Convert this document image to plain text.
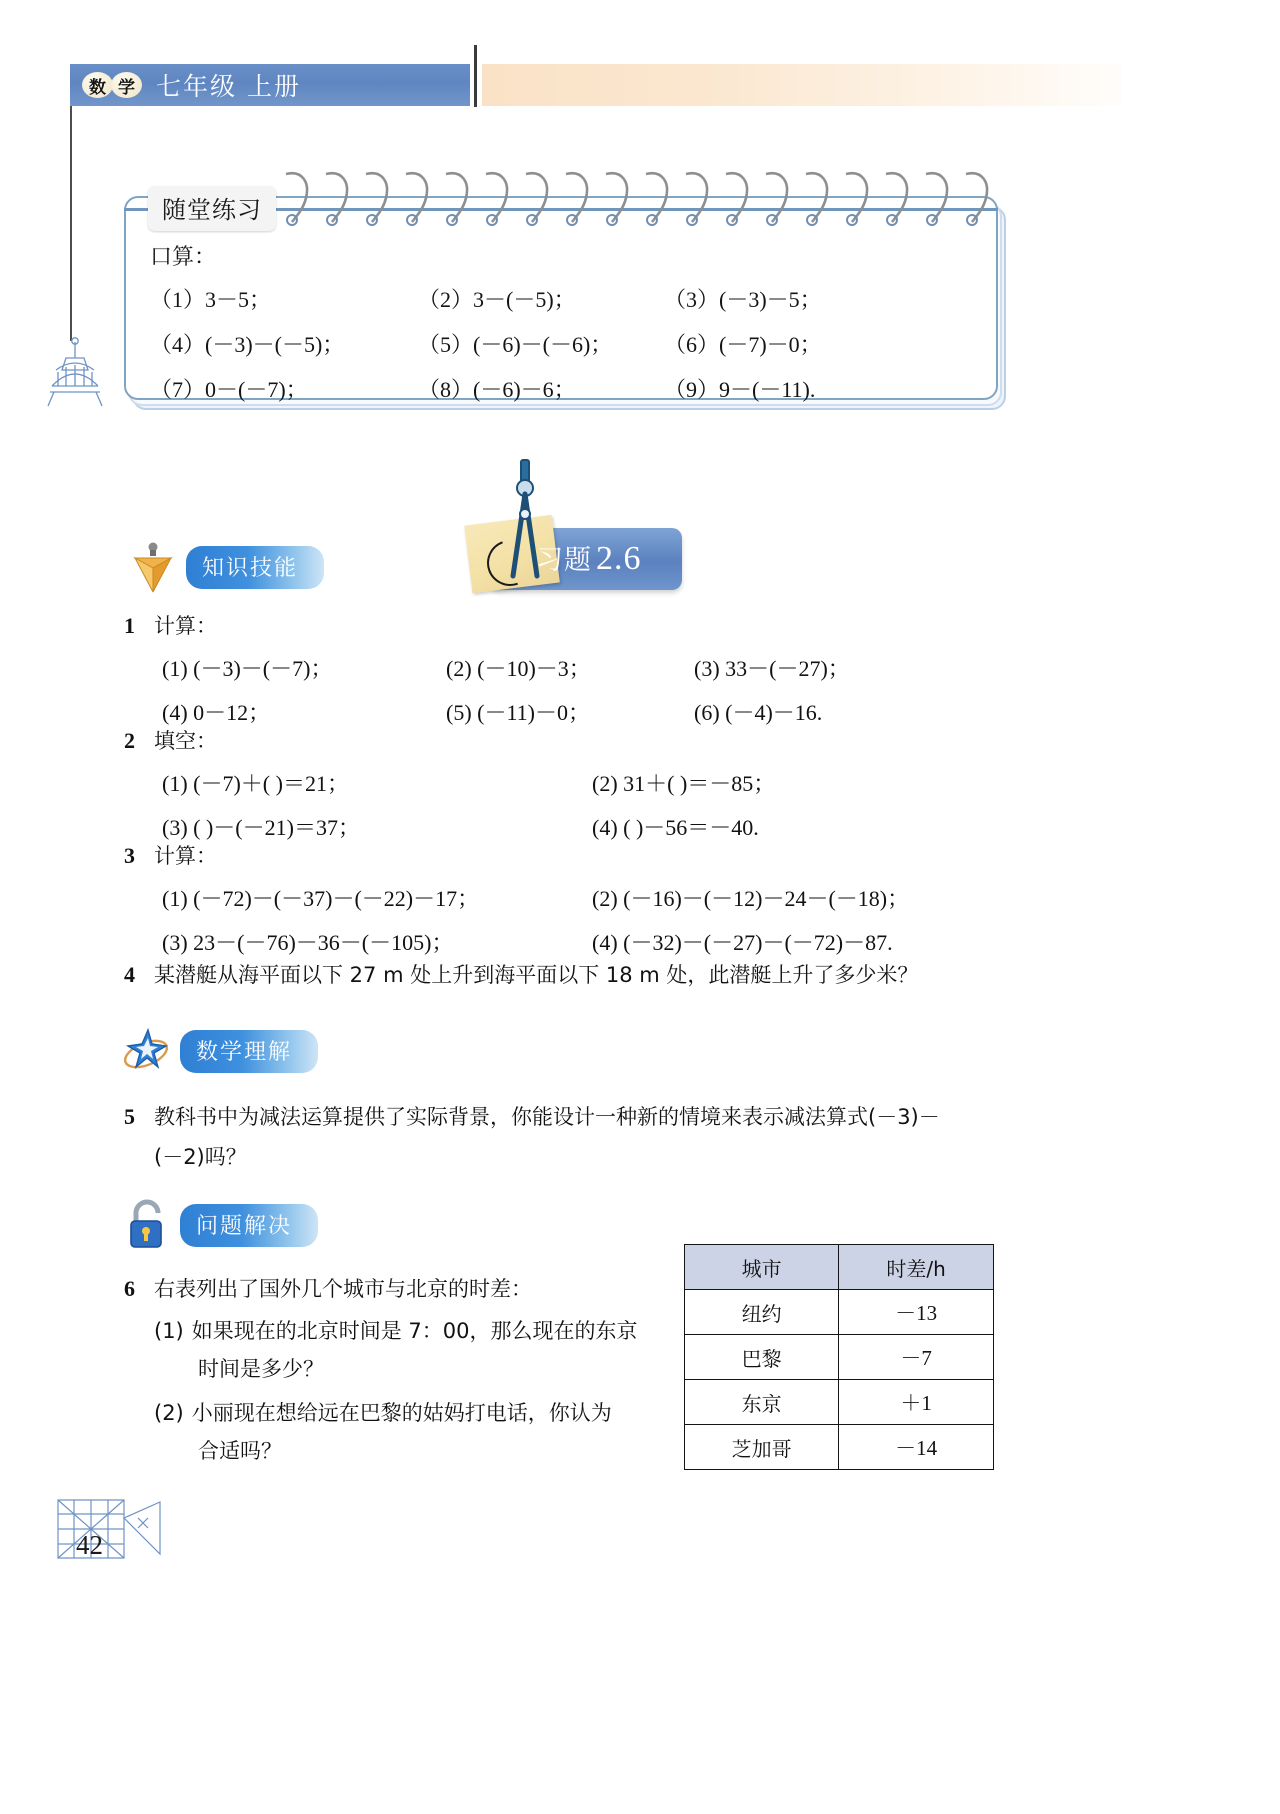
数 学 七年级 上册
随堂练习
口算：
（1）3－5；	（2）3－(－5)；	（3）(－3)－5；
（4）(－3)－(－5)；	（5）(－6)－(－6)；	（6）(－7)－0；
（7）0－(－7)；	（8）(－6)－6；	（9）9－(－11).
习题 2.6
知识技能
1 计算：
(1) (－3)－(－7)；	(2) (－10)－3；	(3) 33－(－27)；
(4) 0－12；	(5) (－11)－0；	(6) (－4)－16.
2 填空：
(1) (－7)＋( )＝21；	(2) 31＋( )＝－85；
(3) ( )－(－21)＝37；	(4) ( )－56＝－40.
3 计算：
(1) (－72)－(－37)－(－22)－17；	(2) (－16)－(－12)－24－(－18)；
(3) 23－(－76)－36－(－105)；	(4) (－32)－(－27)－(－72)－87.
4 某潜艇从海平面以下 27 m 处上升到海平面以下 18 m 处，此潜艇上升了多少米？
数学理解
5 教科书中为减法运算提供了实际背景，你能设计一种新的情境来表示减法算式(－3)－
(－2)吗？
问题解决
6 右表列出了国外几个城市与北京的时差：
(1) 如果现在的北京时间是 7：00，那么现在的东京
时间是多少？
(2) 小丽现在想给远在巴黎的姑妈打电话，你认为
合适吗？
城市	时差/h
纽约	－13
巴黎	－7
东京	＋1
芝加哥	－14
42
